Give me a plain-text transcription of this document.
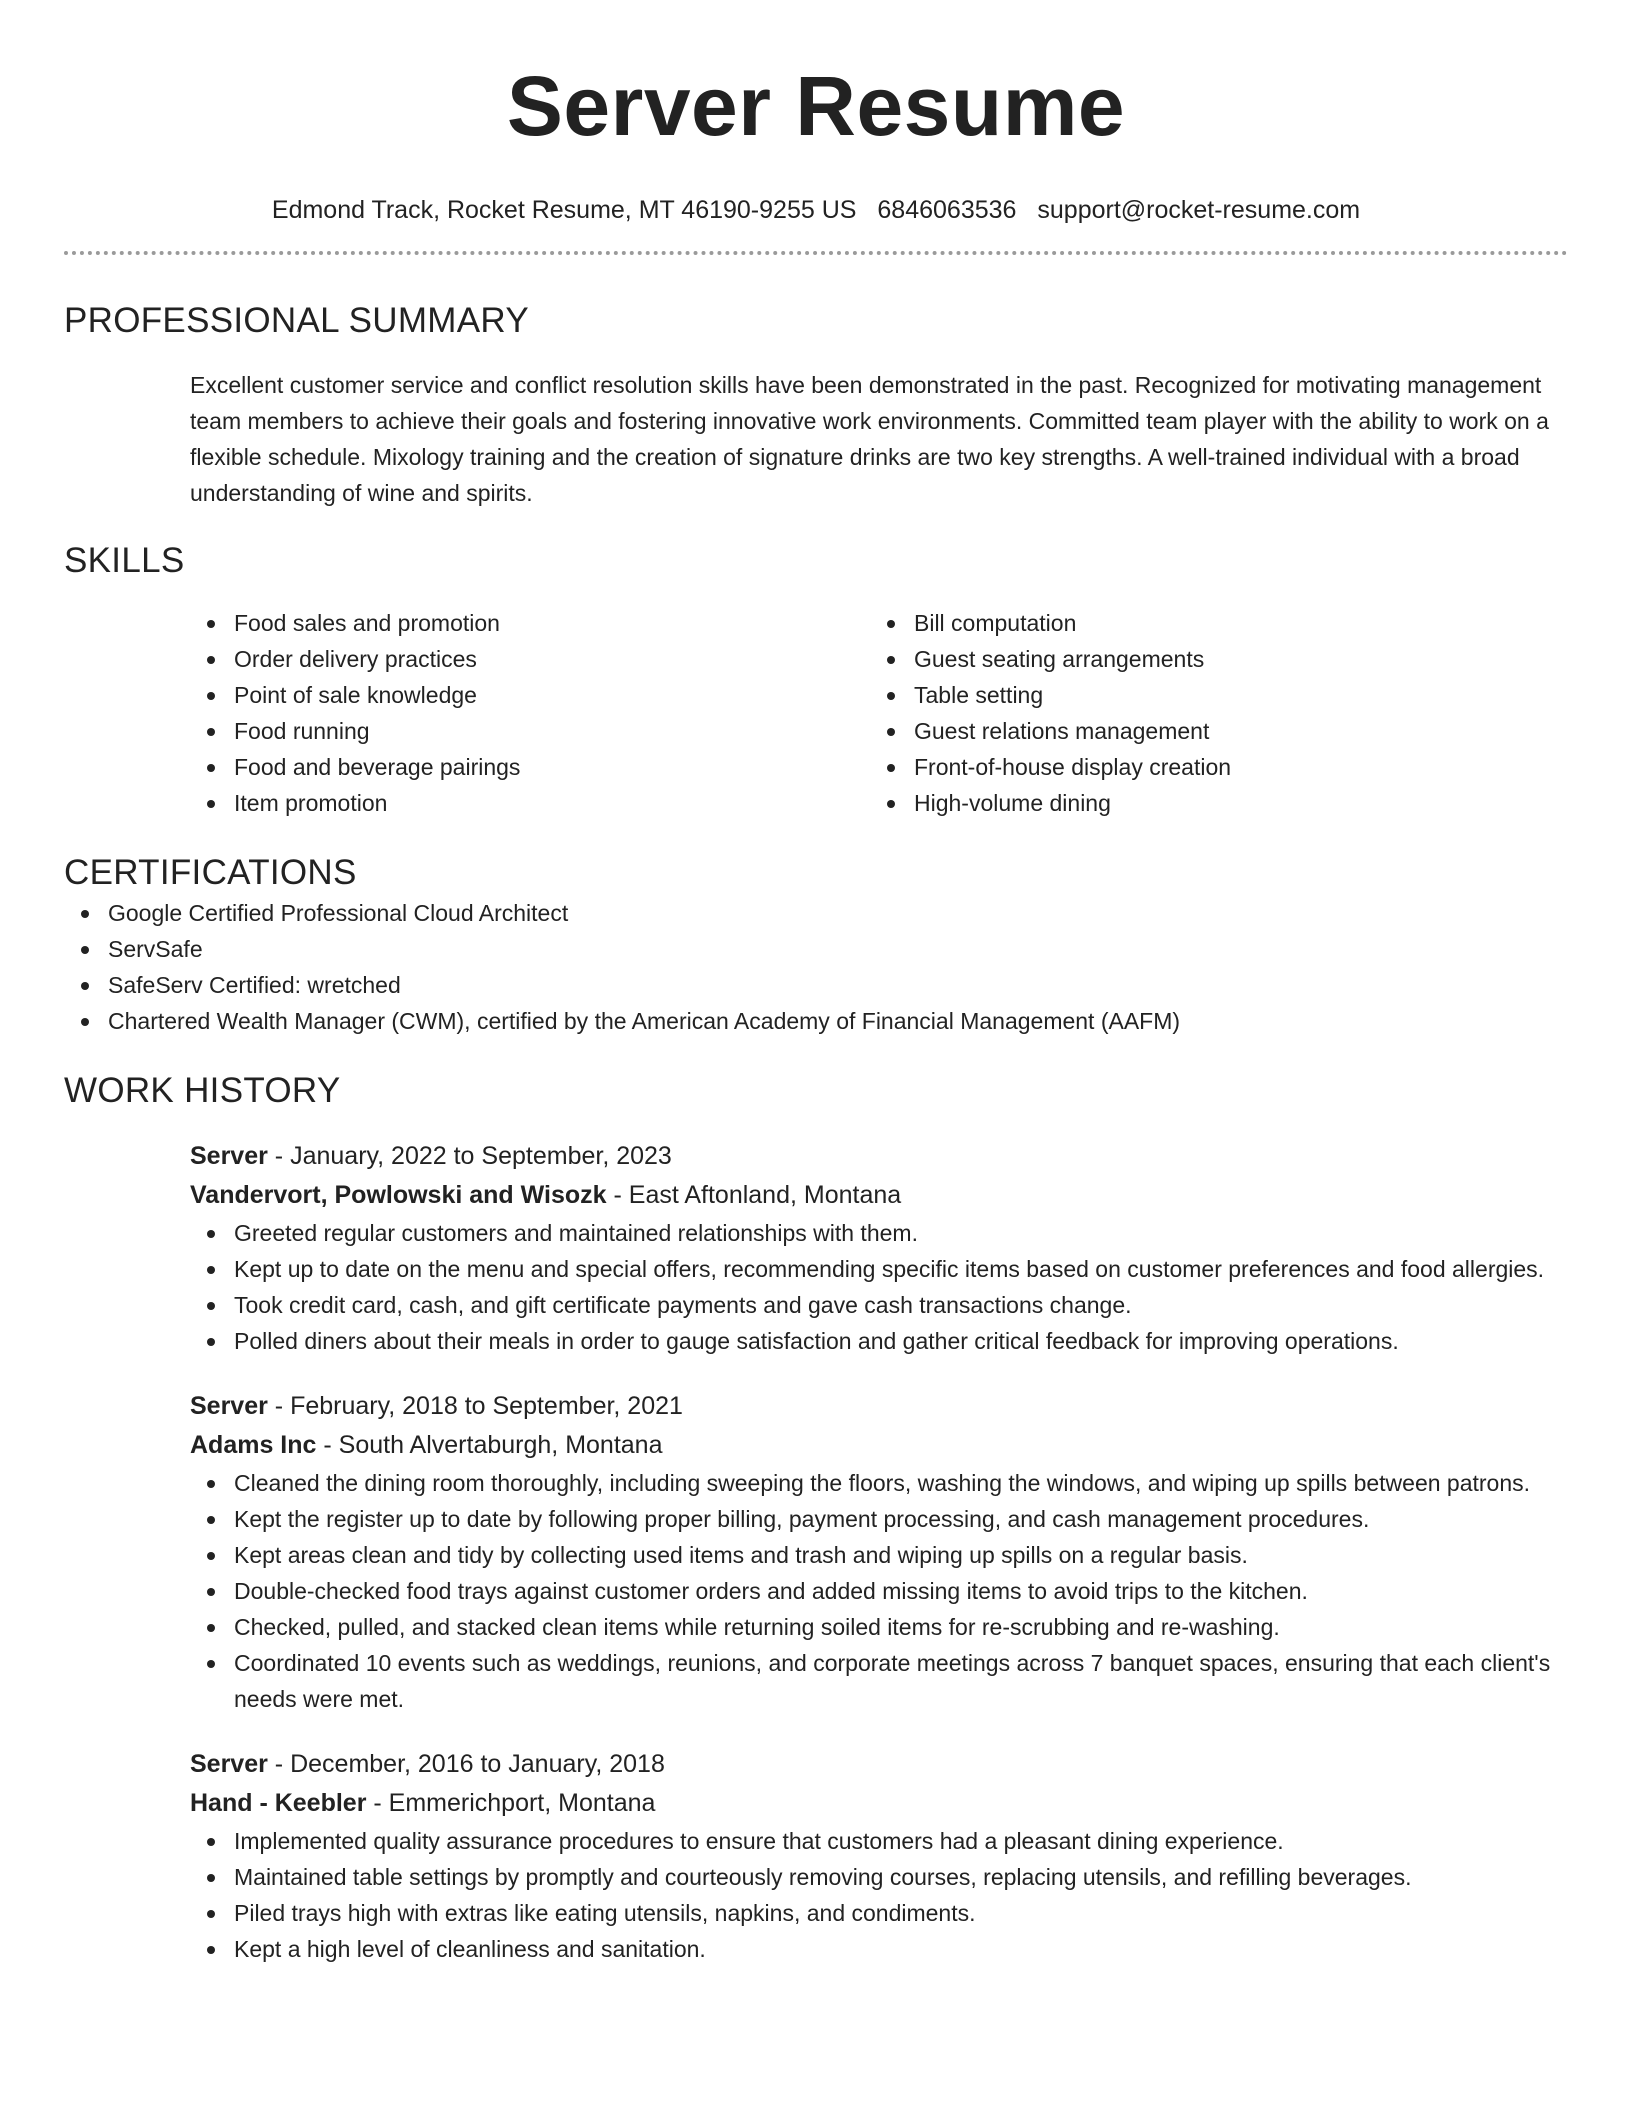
Server Resume
Edmond Track, Rocket Resume, MT 46190-9255 US 6846063536 support@rocket-resume.com
PROFESSIONAL SUMMARY

Excellent customer service and conflict resolution skills have been demonstrated in the past. Recognized for motivating management team members to achieve their goals and fostering innovative work environments. Committed team player with the ability to work on a flexible schedule. Mixology training and the creation of signature drinks are two key strengths. A well-trained individual with a broad understanding of wine and spirits.

SKILLS
Food sales and promotion
Order delivery practices
Point of sale knowledge
Food running
Food and beverage pairings
Item promotion
Bill computation
Guest seating arrangements
Table setting
Guest relations management
Front-of-house display creation
High-volume dining
CERTIFICATIONS
Google Certified Professional Cloud Architect
ServSafe
SafeServ Certified: wretched
Chartered Wealth Manager (CWM), certified by the American Academy of Financial Management (AAFM)
WORK HISTORY
Server - January, 2022 to September, 2023
Vandervort, Powlowski and Wisozk - East Aftonland, Montana
Greeted regular customers and maintained relationships with them.
Kept up to date on the menu and special offers, recommending specific items based on customer preferences and food allergies.
Took credit card, cash, and gift certificate payments and gave cash transactions change.
Polled diners about their meals in order to gauge satisfaction and gather critical feedback for improving operations.
Server - February, 2018 to September, 2021
Adams Inc - South Alvertaburgh, Montana
Cleaned the dining room thoroughly, including sweeping the floors, washing the windows, and wiping up spills between patrons.
Kept the register up to date by following proper billing, payment processing, and cash management procedures.
Kept areas clean and tidy by collecting used items and trash and wiping up spills on a regular basis.
Double-checked food trays against customer orders and added missing items to avoid trips to the kitchen.
Checked, pulled, and stacked clean items while returning soiled items for re-scrubbing and re-washing.
Coordinated 10 events such as weddings, reunions, and corporate meetings across 7 banquet spaces, ensuring that each client's needs were met.
Server - December, 2016 to January, 2018
Hand - Keebler - Emmerichport, Montana
Implemented quality assurance procedures to ensure that customers had a pleasant dining experience.
Maintained table settings by promptly and courteously removing courses, replacing utensils, and refilling beverages.
Piled trays high with extras like eating utensils, napkins, and condiments.
Kept a high level of cleanliness and sanitation.
